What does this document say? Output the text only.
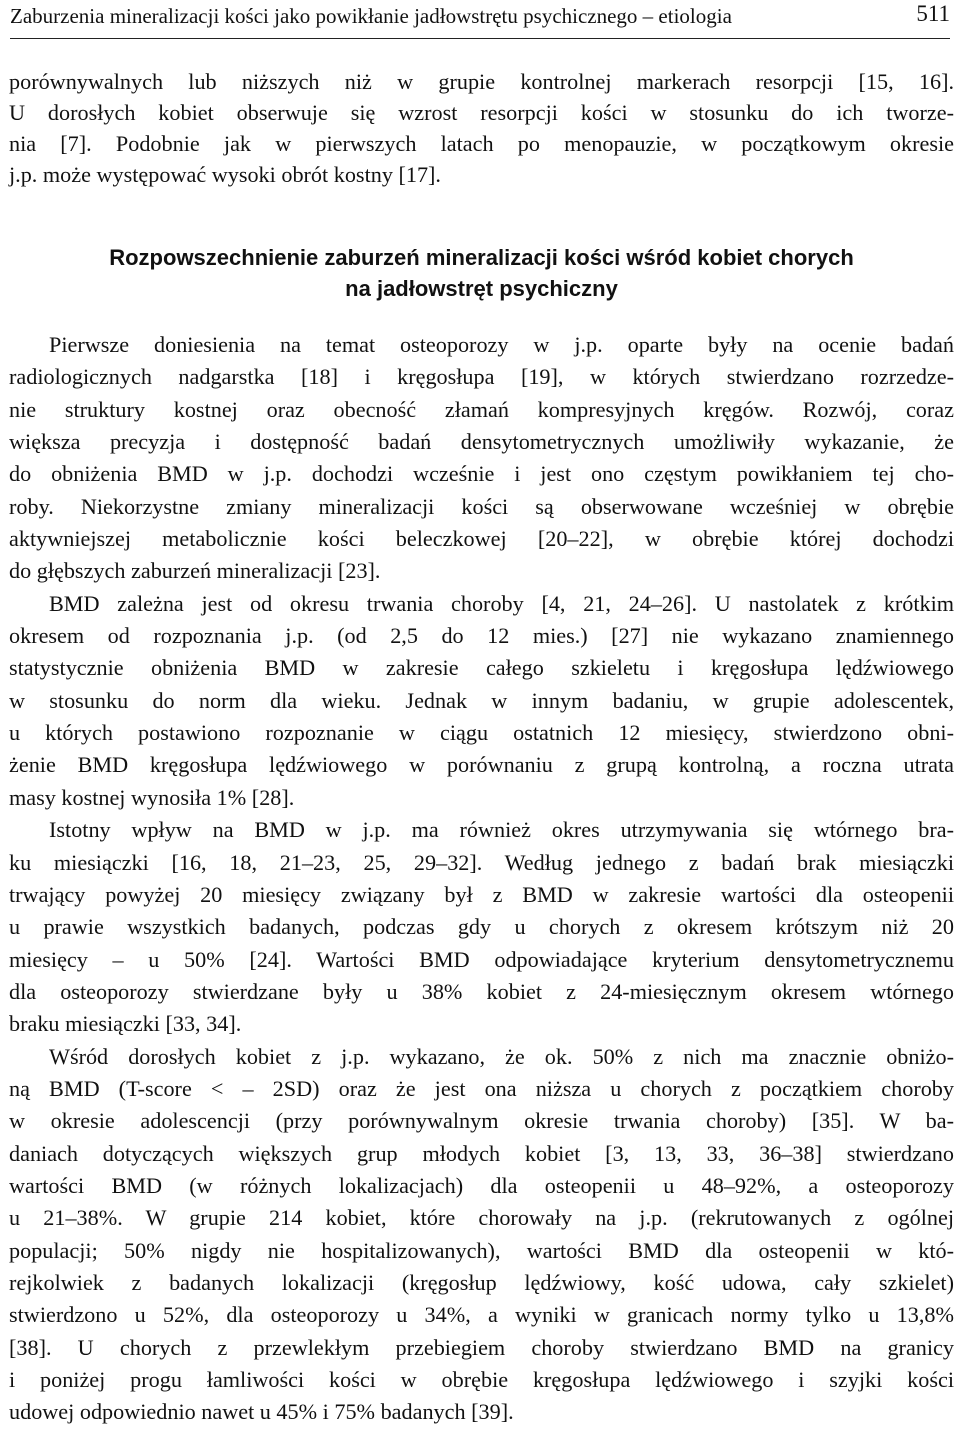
Zaburzenia mineralizacji kości jako powikłanie jadłowstrętu psychicznego – etiologia	511
porównywalnych lub niższych niż w grupie kontrolnej markerach resorpcji [15, 16].
U dorosłych kobiet obserwuje się wzrost resorpcji kości w stosunku do ich tworze-
nia [7]. Podobnie jak w pierwszych latach po menopauzie, w początkowym okresie
j.p. może występować wysoki obrót kostny [17].
Rozpowszechnienie zaburzeń mineralizacji kości wśród kobiet chorych
na jadłowstręt psychiczny
Pierwsze doniesienia na temat osteoporozy w j.p. oparte były na ocenie badań
radiologicznych nadgarstka [18] i kręgosłupa [19], w których stwierdzano rozrzedze-
nie struktury kostnej oraz obecność złamań kompresyjnych kręgów. Rozwój, coraz
większa precyzja i dostępność badań densytometrycznych umożliwiły wykazanie, że
do obniżenia BMD w j.p. dochodzi wcześnie i jest ono częstym powikłaniem tej cho-
roby. Niekorzystne zmiany mineralizacji kości są obserwowane wcześniej w obrębie
aktywniejszej metabolicznie kości beleczkowej [20–22], w obrębie której dochodzi
do głębszych zaburzeń mineralizacji [23].
BMD zależna jest od okresu trwania choroby [4, 21, 24–26]. U nastolatek z krótkim
okresem od rozpoznania j.p. (od 2,5 do 12 mies.) [27] nie wykazano znamiennego
statystycznie obniżenia BMD w zakresie całego szkieletu i kręgosłupa lędźwiowego
w stosunku do norm dla wieku. Jednak w innym badaniu, w grupie adolescentek,
u których postawiono rozpoznanie w ciągu ostatnich 12 miesięcy, stwierdzono obni-
żenie BMD kręgosłupa lędźwiowego w porównaniu z grupą kontrolną, a roczna utrata
masy kostnej wynosiła 1% [28].
Istotny wpływ na BMD w j.p. ma również okres utrzymywania się wtórnego bra-
ku miesiączki [16, 18, 21–23, 25, 29–32]. Według jednego z badań brak miesiączki
trwający powyżej 20 miesięcy związany był z BMD w zakresie wartości dla osteopenii
u prawie wszystkich badanych, podczas gdy u chorych z okresem krótszym niż 20
miesięcy – u 50% [24]. Wartości BMD odpowiadające kryterium densytometrycznemu
dla osteoporozy stwierdzane były u 38% kobiet z 24-miesięcznym okresem wtórnego
braku miesiączki [33, 34].
Wśród dorosłych kobiet z j.p. wykazano, że ok. 50% z nich ma znacznie obniżo-
ną BMD (T-score < – 2SD) oraz że jest ona niższa u chorych z początkiem choroby
w okresie adolescencji (przy porównywalnym okresie trwania choroby) [35]. W ba-
daniach dotyczących większych grup młodych kobiet [3, 13, 33, 36–38] stwierdzano
wartości BMD (w różnych lokalizacjach) dla osteopenii u 48–92%, a osteoporozy
u 21–38%. W grupie 214 kobiet, które chorowały na j.p. (rekrutowanych z ogólnej
populacji; 50% nigdy nie hospitalizowanych), wartości BMD dla osteopenii w któ-
rejkolwiek z badanych lokalizacji (kręgosłup lędźwiowy, kość udowa, cały szkielet)
stwierdzono u 52%, dla osteoporozy u 34%, a wyniki w granicach normy tylko u 13,8%
[38]. U chorych z przewlekłym przebiegiem choroby stwierdzano BMD na granicy
i poniżej progu łamliwości kości w obrębie kręgosłupa lędźwiowego i szyjki kości
udowej odpowiednio nawet u 45% i 75% badanych [39].
